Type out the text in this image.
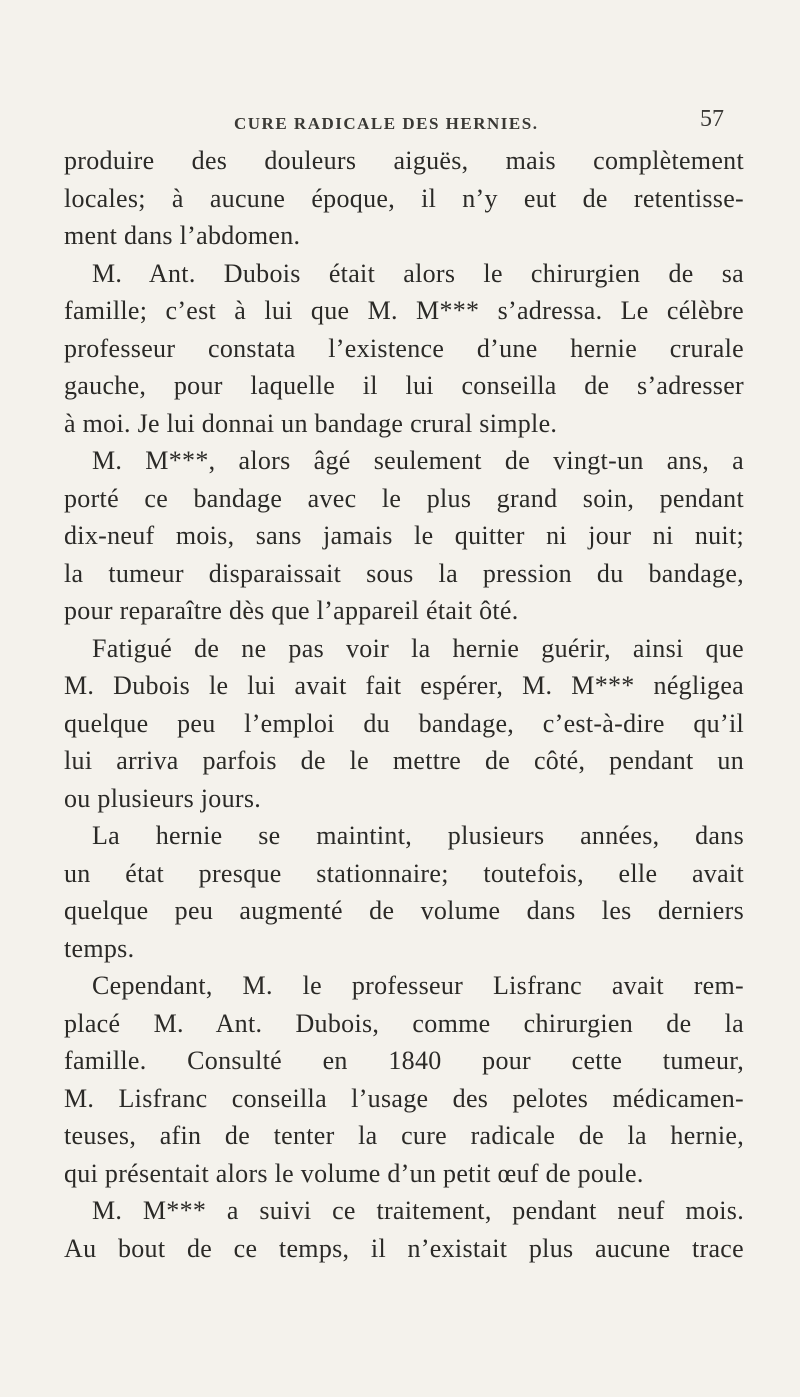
CURE RADICALE DES HERNIES.	57
produire des douleurs aiguës, mais complètement
locales; à aucune époque, il n’y eut de retentisse-
ment dans l’abdomen.
M. Ant. Dubois était alors le chirurgien de sa
famille; c’est à lui que M. M*** s’adressa. Le célèbre
professeur constata l’existence d’une hernie crurale
gauche, pour laquelle il lui conseilla de s’adresser
à moi. Je lui donnai un bandage crural simple.
M. M***, alors âgé seulement de vingt-un ans, a
porté ce bandage avec le plus grand soin, pendant
dix-neuf mois, sans jamais le quitter ni jour ni nuit;
la tumeur disparaissait sous la pression du bandage,
pour reparaître dès que l’appareil était ôté.
Fatigué de ne pas voir la hernie guérir, ainsi que
M. Dubois le lui avait fait espérer, M. M*** négligea
quelque peu l’emploi du bandage, c’est-à-dire qu’il
lui arriva parfois de le mettre de côté, pendant un
ou plusieurs jours.
La hernie se maintint, plusieurs années, dans
un état presque stationnaire; toutefois, elle avait
quelque peu augmenté de volume dans les derniers
temps.
Cependant, M. le professeur Lisfranc avait rem-
placé M. Ant. Dubois, comme chirurgien de la
famille. Consulté en 1840 pour cette tumeur,
M. Lisfranc conseilla l’usage des pelotes médicamen-
teuses, afin de tenter la cure radicale de la hernie,
qui présentait alors le volume d’un petit œuf de poule.
M. M*** a suivi ce traitement, pendant neuf mois.
Au bout de ce temps, il n’existait plus aucune trace
